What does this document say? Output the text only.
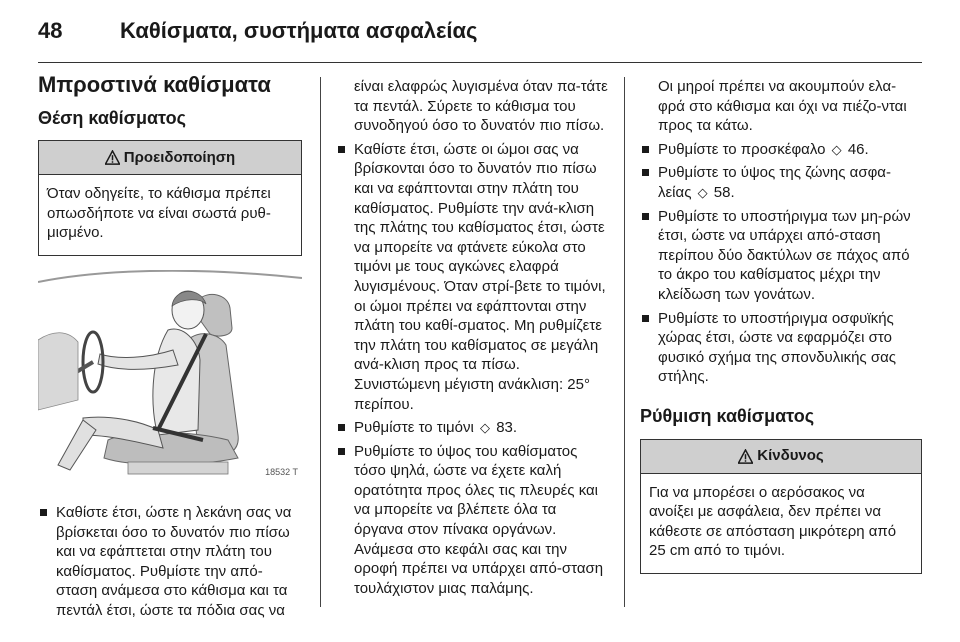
48	Καθίσματα, συστήματα ασφαλείας
Μπροστινά καθίσματα
Θέση καθίσματος
Προειδοποίηση
Όταν οδηγείτε, το κάθισμα πρέπει οπωσδήποτε να είναι σωστά ρυθ-μισμένο.
18532 T
Καθίστε έτσι, ώστε η λεκάνη σας να βρίσκεται όσο το δυνατόν πιο πίσω και να εφάπτεται στην πλάτη του καθίσματος. Ρυθμίστε την από-σταση ανάμεσα στο κάθισμα και τα πεντάλ έτσι, ώστε τα πόδια σας να
είναι ελαφρώς λυγισμένα όταν πα-τάτε τα πεντάλ. Σύρετε το κάθισμα του συνοδηγού όσο το δυνατόν πιο πίσω.
Καθίστε έτσι, ώστε οι ώμοι σας να βρίσκονται όσο το δυνατόν πιο πίσω και να εφάπτονται στην πλάτη του καθίσματος. Ρυθμίστε την ανά-κλιση της πλάτης του καθίσματος έτσι, ώστε να μπορείτε να φτάνετε εύκολα στο τιμόνι με τους αγκώνες ελαφρά λυγισμένους. Όταν στρί-βετε το τιμόνι, οι ώμοι πρέπει να εφάπτονται στην πλάτη του καθί-σματος. Μη ρυθμίζετε την πλάτη του καθίσματος σε μεγάλη ανά-κλιση προς τα πίσω. Συνιστώμενη μέγιστη ανάκλιση: 25° περίπου.
Ρυθμίστε το τιμόνι ◇ 83.
Ρυθμίστε το ύψος του καθίσματος τόσο ψηλά, ώστε να έχετε καλή ορατότητα προς όλες τις πλευρές και να μπορείτε να βλέπετε όλα τα όργανα στον πίνακα οργάνων. Ανάμεσα στο κεφάλι σας και την οροφή πρέπει να υπάρχει από-σταση τουλάχιστον μιας παλάμης.
Οι μηροί πρέπει να ακουμπούν ελα-φρά στο κάθισμα και όχι να πιέζο-νται προς τα κάτω.
Ρυθμίστε το προσκέφαλο ◇ 46.
Ρυθμίστε το ύψος της ζώνης ασφα-λείας ◇ 58.
Ρυθμίστε το υποστήριγμα των μη-ρών έτσι, ώστε να υπάρχει από-σταση περίπου δύο δακτύλων σε πάχος από το άκρο του καθίσματος μέχρι την κλείδωση των γονάτων.
Ρυθμίστε το υποστήριγμα οσφυϊκής χώρας έτσι, ώστε να εφαρμόζει στο φυσικό σχήμα της σπονδυλικής σας στήλης.
Ρύθμιση καθίσματος
Κίνδυνος
Για να μπορέσει ο αερόσακος να ανοίξει με ασφάλεια, δεν πρέπει να κάθεστε σε απόσταση μικρότερη από 25 cm από το τιμόνι.
